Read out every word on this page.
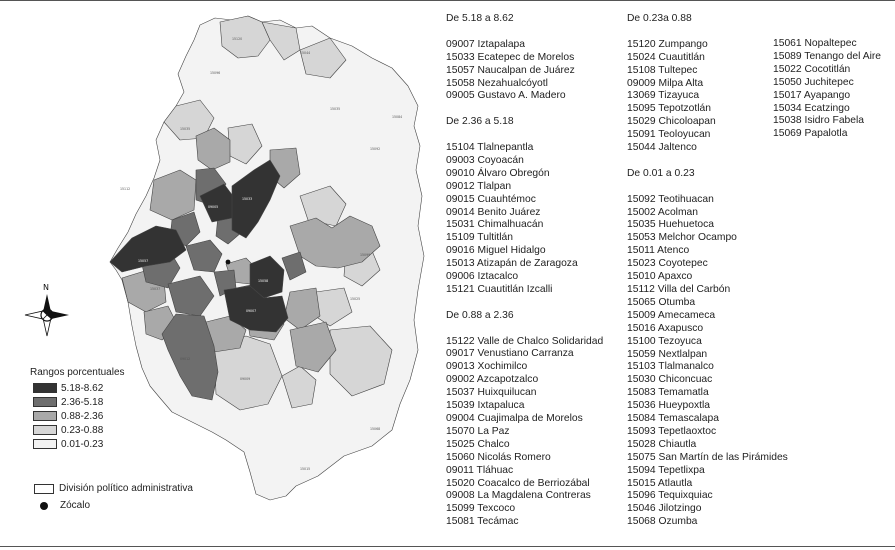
15057
15033
15058
09007
09005
15120
15044
15035
15092
15099
15025
15068
15015
09009
09012
15037
15112
15035
15096
15084
N
Rangos porcentuales
5.18-8.62
2.36-5.18
0.88-2.36
0.23-0.88
0.01-0.23
División político administrativa
Zócalo
De 5.18 a 8.62
09007 Iztapalapa
15033 Ecatepec de Morelos
15057 Naucalpan de Juárez
15058 Nezahualcóyotl
09005 Gustavo A. Madero
De 2.36 a 5.18
15104 Tlalnepantla
09003 Coyoacán
09010 Álvaro Obregón
09012 Tlalpan
09015 Cuauhtémoc
09014 Benito Juárez
15031 Chimalhuacán
15109 Tultitlán
09016 Miguel Hidalgo
15013 Atizapán de Zaragoza
09006 Iztacalco
15121 Cuautitlán Izcalli
De 0.88 a 2.36
15122 Valle de Chalco Solidaridad
09017 Venustiano Carranza
09013 Xochimilco
09002 Azcapotzalco
15037 Huixquilucan
15039 Ixtapaluca
09004 Cuajimalpa de Morelos
15070 La Paz
15025 Chalco
15060 Nicolás Romero
09011 Tláhuac
15020 Coacalco de Berriozábal
09008 La Magdalena Contreras
15099 Texcoco
15081 Tecámac
De 0.23a 0.88
15120 Zumpango
15024 Cuautitlán
15108 Tultepec
09009 Milpa Alta
13069 Tizayuca
15095 Tepotzotlán
15029 Chicoloapan
15091 Teoloyucan
15044 Jaltenco
De 0.01 a 0.23
15092 Teotihuacan
15002 Acolman
15035 Huehuetoca
15053 Melchor Ocampo
15011 Atenco
15023 Coyotepec
15010 Apaxco
15112 Villa del Carbón
15065 Otumba
15009 Amecameca
15016 Axapusco
15100 Tezoyuca
15059 Nextlalpan
15103 Tlalmanalco
15030 Chiconcuac
15083 Temamatla
15036 Hueypoxtla
15084 Temascalapa
15093 Tepetlaoxtoc
15028 Chiautla
15075 San Martín de las Pirámides
15094 Tepetlixpa
15015 Atlautla
15096 Tequixquiac
15046 Jilotzingo
15068 Ozumba
15061 Nopaltepec
15089 Tenango del Aire
15022 Cocotitlán
15050 Juchitepec
15017 Ayapango
15034 Ecatzingo
15038 Isidro Fabela
15069 Papalotla
